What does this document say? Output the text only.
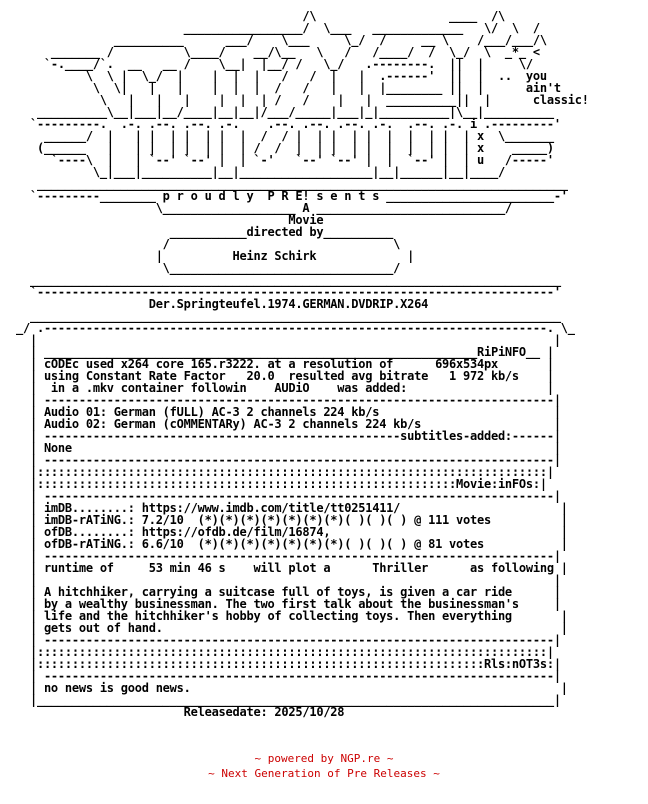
/\                   ____  /\
_________________/  \___   _____________   \/  \  /
__________      ___/    \___     \_/  /     __ \    /___/___/\
_______ /          \____/    __/\__   \   /   /____/  /  \_/  \  _*_ <
`-.____/`.  __   __ /    \__|  |__/ /   \_/   .--------.  ||  |     \/
\  \ |  \_/  |    |  |  |   /   /  |   |  .------'  ||  |  ..  you
\  \|   |   |    |  |  |  /   /   |   |  |________ ||  |      ain't
\   |   |   |    |  |  | /   /    |   |  __________||  |      classic!
__________\__|___|__/____|__|__|/___/_____|___|_|__________|\__|__________
`---------.  .-. .--. .--. .-.    .--. .--. .--. .-.  .--. .-. i .---------'
______/  |   | |  | |  | |  |  /  / |  | |  | |  |  |  | |  | x  \_______
(______   |   | |  | |  | |  | /  /  |  | |  | |  |  |  | |  | x    _____)
`----\  |   | `--' `--' |  | `-'   `--' `--' |  |  `--' |  | u   /-----'
\_|___|__________|__|___________________|__|______|__|____/
____________________________________________________________________________
`---------________ p r o u d l y  P R E! s e n t s ________________________-'
\___________________ A ___________________________/
Movie
___________directed by__________
/                                \
|          Heinz Schirk             |
\________________________________/
____________________________________________________________________________
`--------------------------------------------------------------------------'
Der.Springteufel.1974.GERMAN.DVDRIP.X264
____________________________________________________________________________
_/ .------------------------------------------------------------------------. \_
|                                                                          |
| ______________________________________________________________RiPiNFO__ |
| cODEc used x264 core 165.r3222. at a resolution of      696x534px       |
| using Constant Rate Factor   20.0  resulted avg bitrate   1 972 kb/s    |
|  in a .mkv container followin    AUDiO    was added:                    |
| -------------------------------------------------------------------------|
| Audio 01: German (fULL) AC-3 2 channels 224 kb/s                         |
| Audio 02: German (cOMMENTARy) AC-3 2 channels 224 kb/s                   |
| ---------------------------------------------------subtitles-added:------|
| None                                                                     |
| -------------------------------------------------------------------------|
|:::::::::::::::::::::::::::::::::::::::::::::::::::::::::::::::::::::::::|
|::::::::::::::::::::::::::::::::::::::::::::::::::::::::::::Movie:inFOs:|
| -------------------------------------------------------------------------|
| imDB........: https://www.imdb.com/title/tt0251411/                       |
| imDB-rATiNG.: 7.2/10  (*)(*)(*)(*)(*)(*)(*)( )( )( ) @ 111 votes          |
| ofDB........: https://ofdb.de/film/16874,                                 |
| ofDB-rATiNG.: 6.6/10  (*)(*)(*)(*)(*)(*)(*)( )( )( ) @ 81 votes           |
| -------------------------------------------------------------------------|
| runtime of     53 min 46 s    will plot a      Thriller      as following |
|                                                                          |
| A hitchhiker, carrying a suitcase full of toys, is given a car ride      |
| by a wealthy businessman. The two first talk about the businessman's     |
| life and the hitchhiker's hobby of collecting toys. Then everything       |
| gets out of hand.                                                         |
| -------------------------------------------------------------------------|
|:::::::::::::::::::::::::::::::::::::::::::::::::::::::::::::::::::::::::|
|::::::::::::::::::::::::::::::::::::::::::::::::::::::::::::::::Rls:nOT3s:|
| -------------------------------------------------------------------------|
| no news is good news.                                                     |
|__________________________________________________________________________|
Releasedate: 2025/10/28

~ powered by NGP.re ~
~ Next Generation of Pre Releases ~
